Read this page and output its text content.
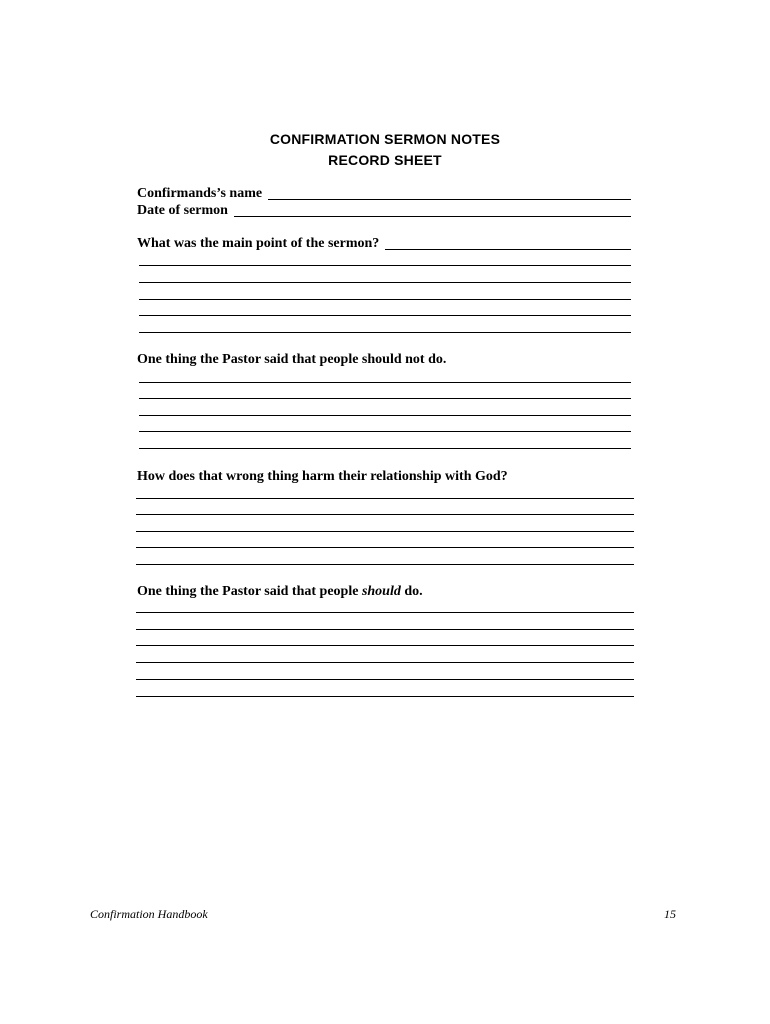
CONFIRMATION SERMON NOTES
RECORD SHEET
Confirmands’s name
Date of sermon
What was the main point of the sermon?
One thing the Pastor said that people should not do.
How does that wrong thing harm their relationship with God?
One thing the Pastor said that people should do.
Confirmation Handbook	15
